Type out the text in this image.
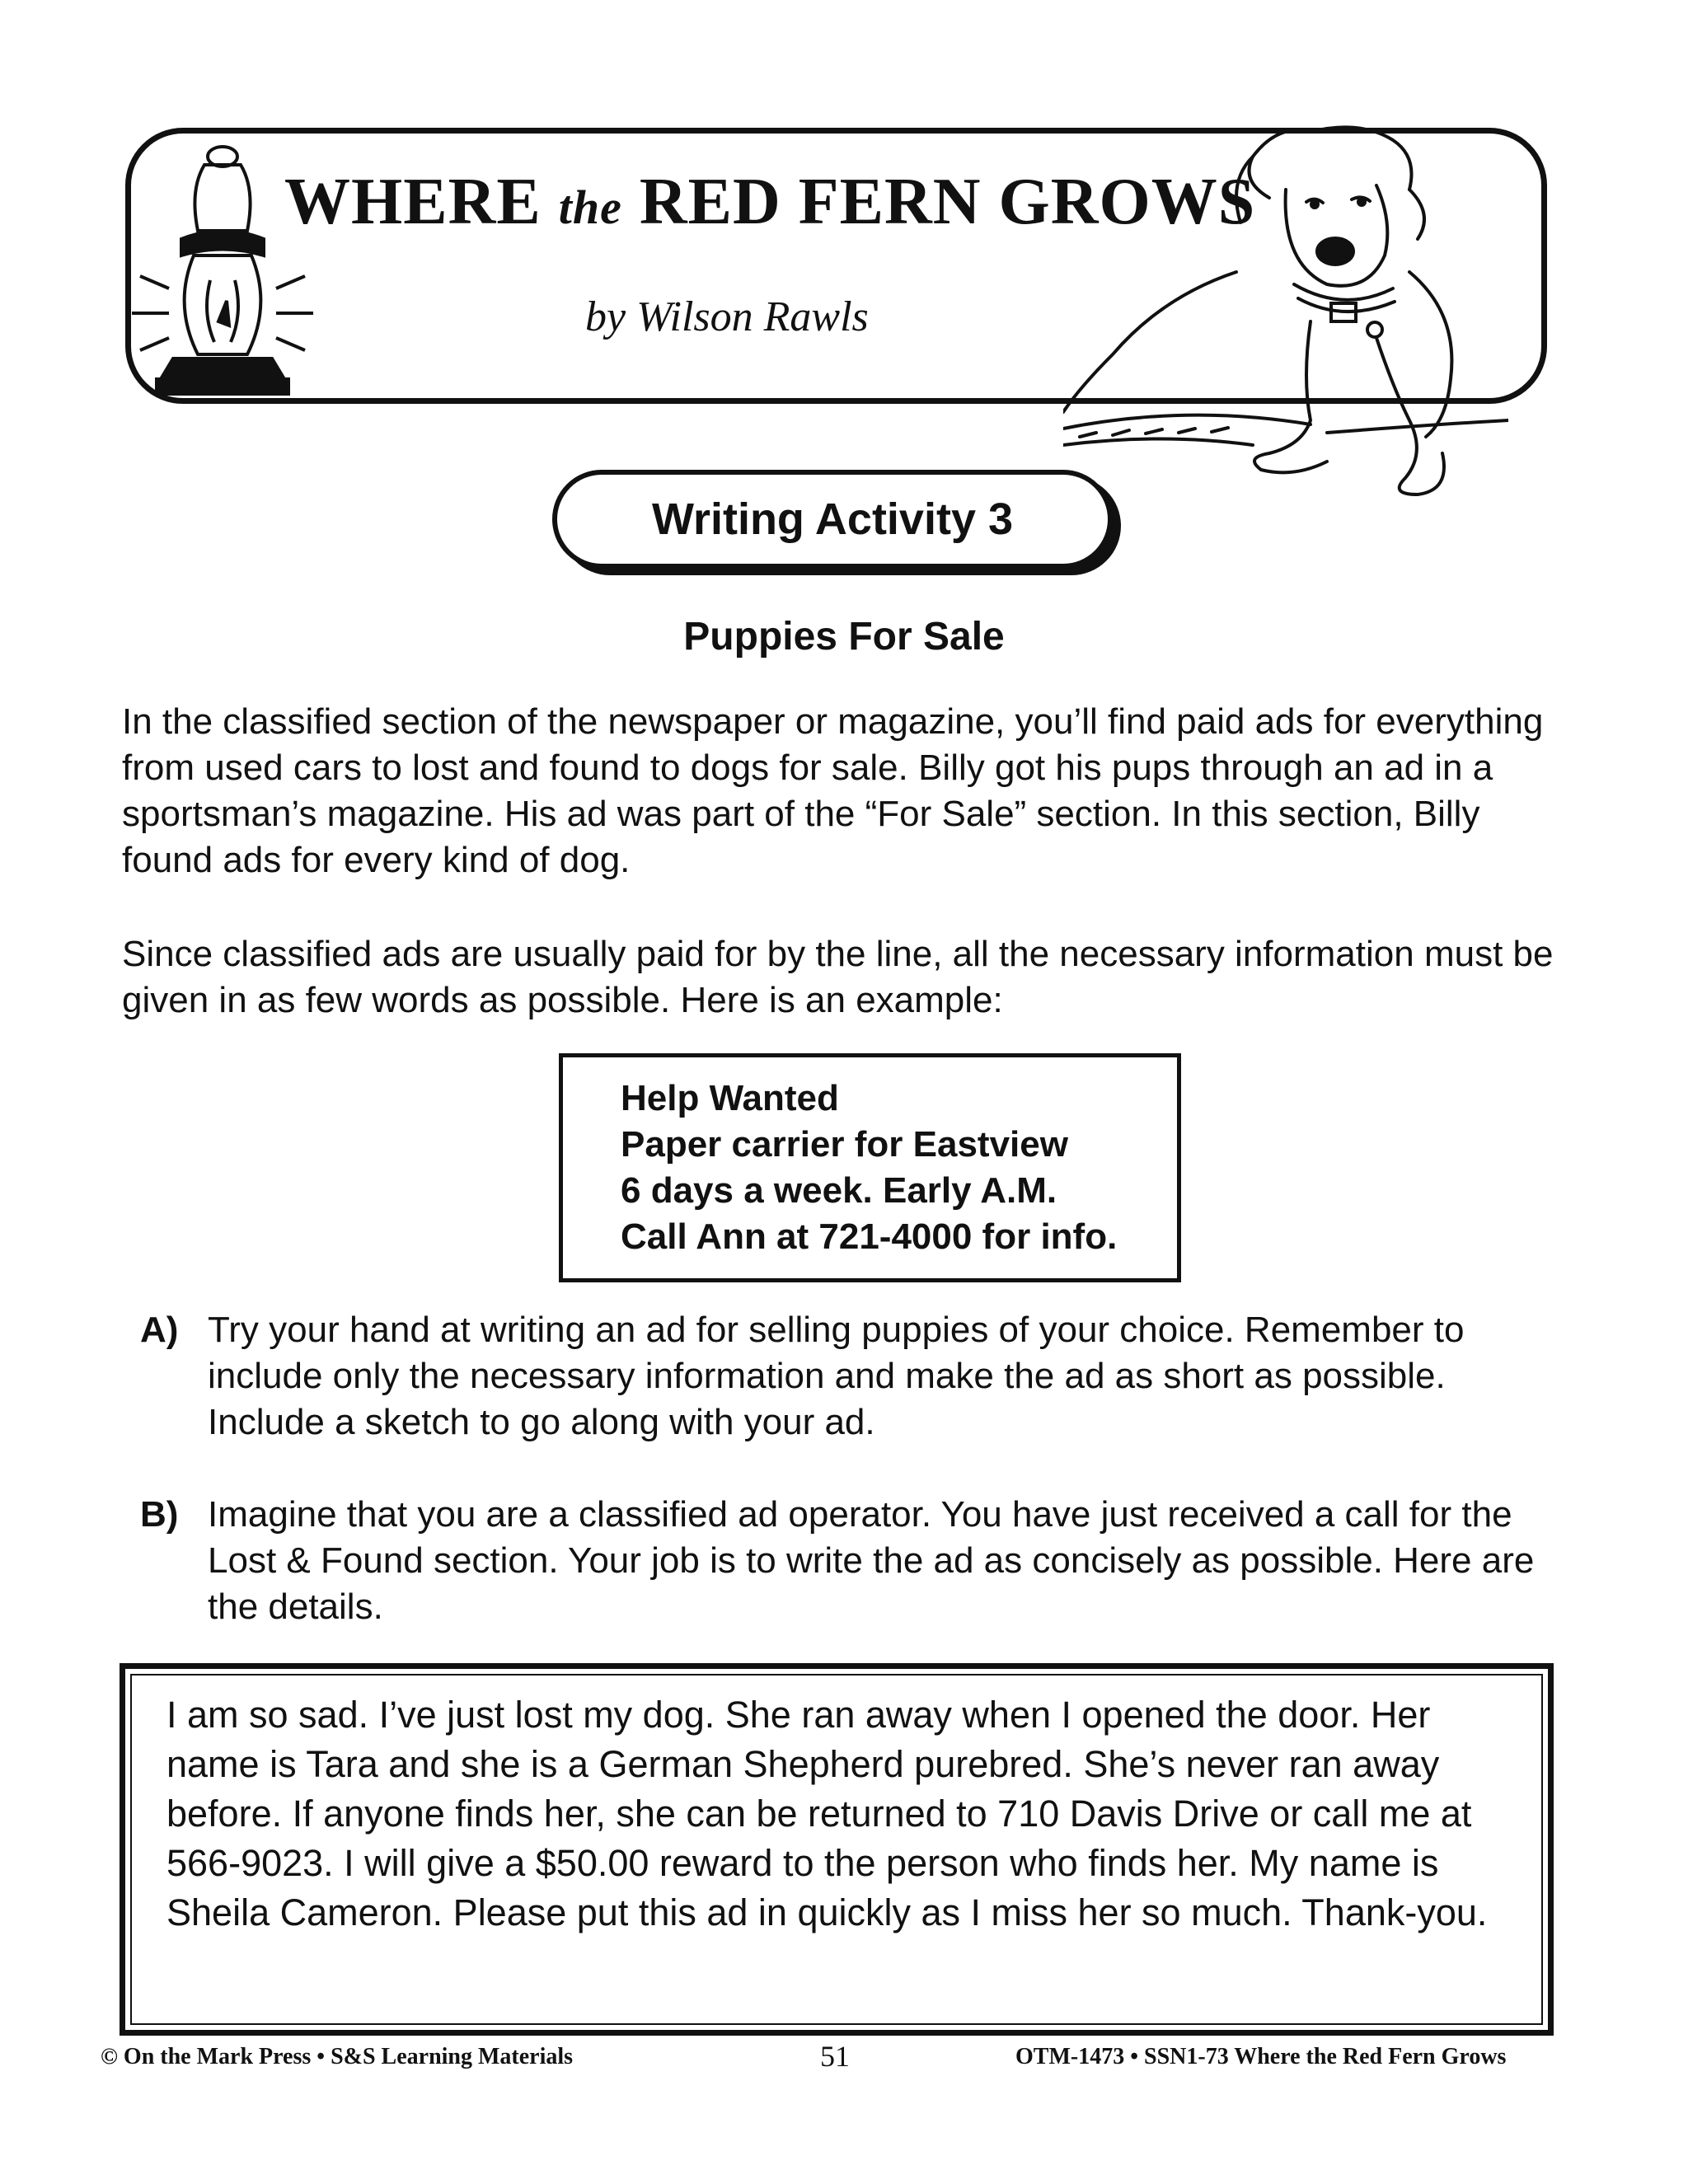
WHERE the RED FERN GROWS
by Wilson Rawls
Writing Activity 3
Puppies For Sale

In the classified section of the newspaper or magazine, you’ll find paid ads for everything from used cars to lost and found to dogs for sale. Billy got his pups through an ad in a sportsman’s magazine. His ad was part of the “For Sale” section. In this section, Billy found ads for every kind of dog.

Since classified ads are usually paid for by the line, all the necessary information must be given in as few words as possible. Here is an example:

Help Wanted
Paper carrier for Eastview
6 days a week. Early A.M.
Call Ann at 721-4000 for info.
A) Try your hand at writing an ad for selling puppies of your choice. Remember to include only the necessary information and make the ad as short as possible. Include a sketch to go along with your ad.
B) Imagine that you are a classified ad operator. You have just received a call for the Lost & Found section. Your job is to write the ad as concisely as possible. Here are the details.
I am so sad. I’ve just lost my dog. She ran away when I opened the door. Her name is Tara and she is a German Shepherd purebred. She’s never ran away before. If anyone finds her, she can be returned to 710 Davis Drive or call me at 566-9023. I will give a $50.00 reward to the person who finds her. My name is Sheila Cameron. Please put this ad in quickly as I miss her so much. Thank-you.
© On the Mark Press • S&S Learning Materials	51	OTM-1473 • SSN1-73 Where the Red Fern Grows
